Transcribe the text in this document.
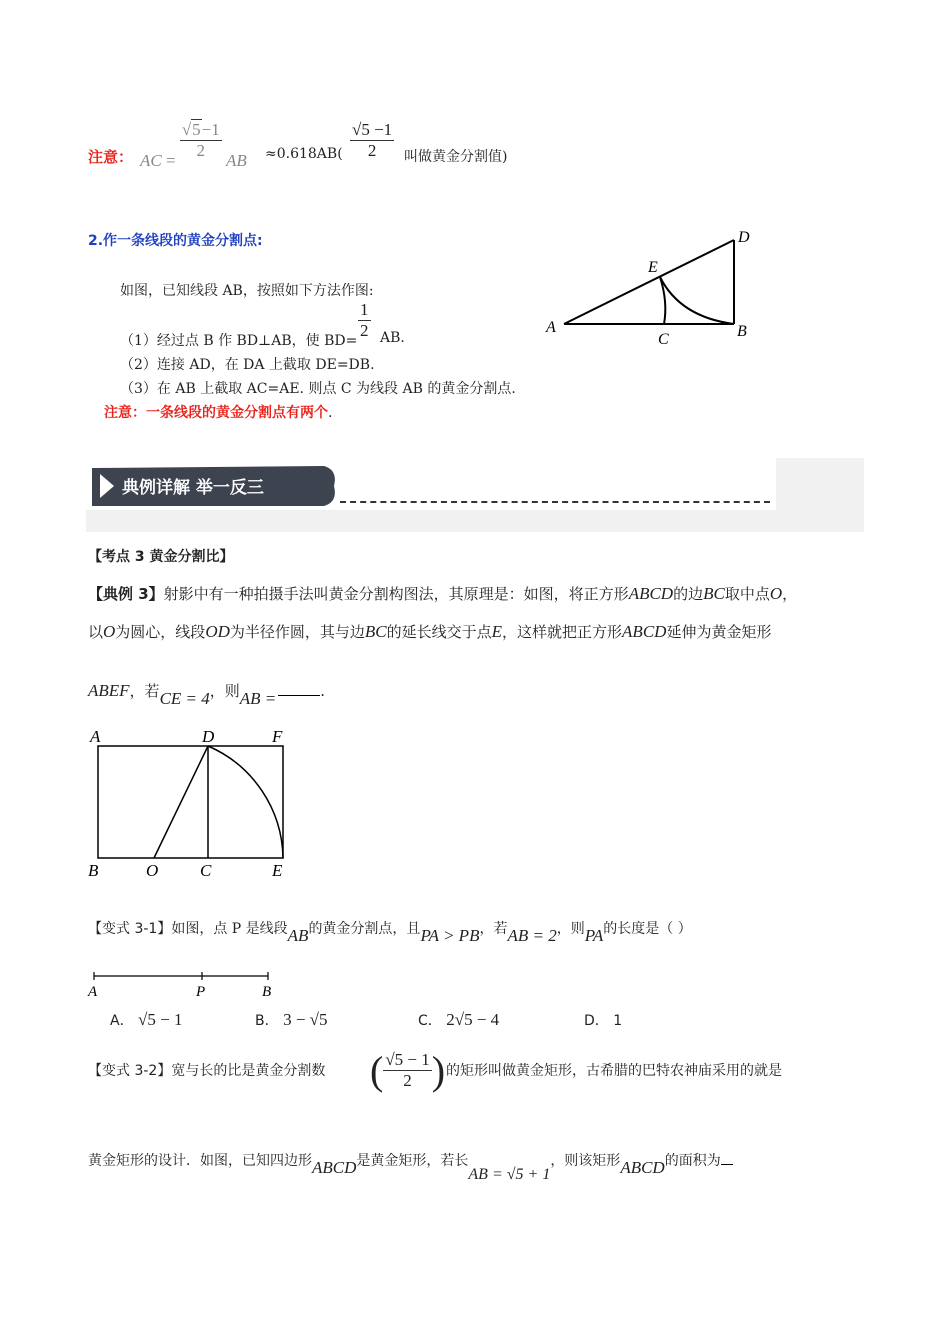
注意： AC = $\frac{√5-1}{2}$ AB $\approx 0.618AB( \frac{√5 -1}{2}$ 叫做黄金分割值)
2.作一条线段的黄金分割点:
如图，已知线段 AB，按照如下方法作图:
（1）经过点 B 作 BD⊥AB，使 $BD= \frac{1}{2}$ AB.
（2）连接 AD，在 DA 上截取 DE=DB.
（3）在 AB 上截取 AC=AE. 则点 C 为线段 AB 的黄金分割点.
注意：一条线段的黄金分割点有两个.
A	B
C
D
E
典例详解 举一反三
【考点 3 黄金分割比】
【典例 3】射影中有一种拍摄手法叫黄金分割构图法，其原理是：如图，将正方形ABCD的边BC取中点O，
以O为圆心，线段OD为半径作圆，其与边BC的延长线交于点E，这样就把正方形ABCD延伸为黄金矩形
ABEF，若CE = 4，则AB =	.
A	D	F
B	O C	E
【变式 3-1】如图，点 P 是线段AB的黄金分割点，且PA > PB，若AB = 2，则PA的长度是（ ）
A	P	B
A． √5 − 1	B． 3 − √5	C． 2√5 − 4	D． 1
【变式 3-2】宽与长的比是黄金分割数 ( $\frac{√5 - 1}{2}$ ) 的矩形叫做黄金矩形，古希腊的巴特农神庙采用的就是
黄金矩形的设计．如图，已知四边形ABCD是黄金矩形，若长AB = √5 + 1，则该矩形ABCD的面积为
